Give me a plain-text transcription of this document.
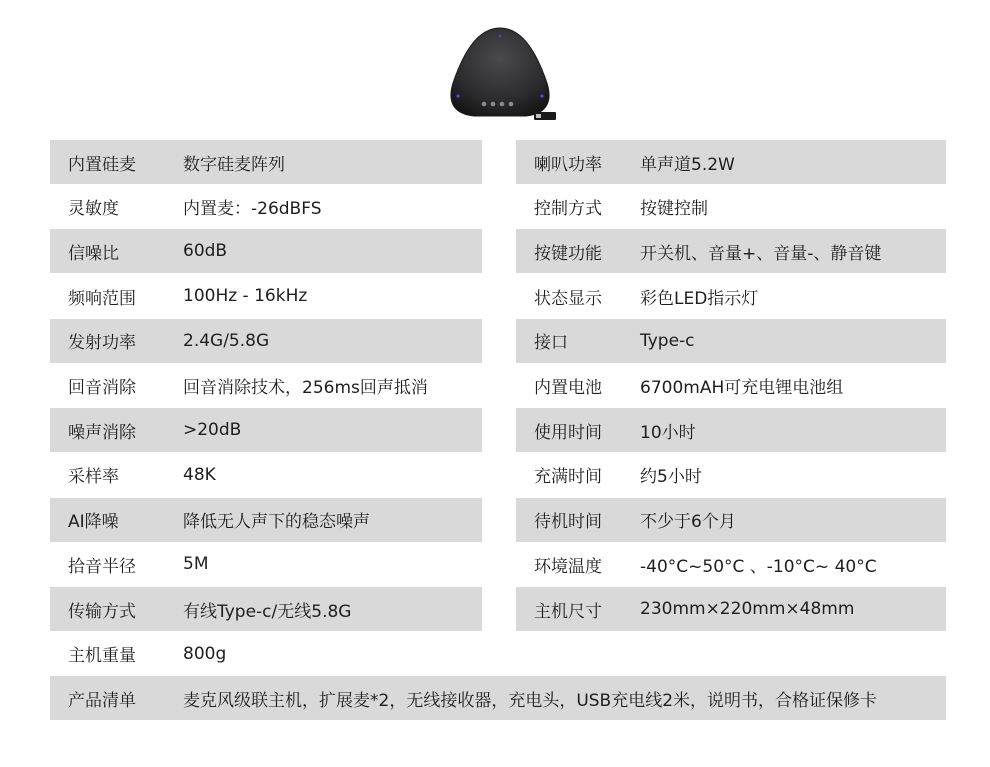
内置硅麦	数字硅麦阵列
灵敏度	内置麦：-26dBFS
信噪比	60dB
频响范围	100Hz - 16kHz
发射功率	2.4G/5.8G
回音消除	回音消除技术，256ms回声抵消
噪声消除	>20dB
采样率	48K
AI降噪	降低无人声下的稳态噪声
拾音半径	5M
传输方式	有线Type-c/无线5.8G
主机重量	800g
喇叭功率 单声道5.2W
控制方式 按键控制
按键功能 开关机、音量+、音量-、静音键
状态显示 彩色LED指示灯
接口	Type-c
内置电池 6700mAH可充电锂电池组
使用时间 10小时
充满时间 约5小时
待机时间 不少于6个月
环境温度 -40°C~50°C 、-10°C~ 40°C
主机尺寸 230mm×220mm×48mm
产品清单	麦克风级联主机，扩展麦*2，无线接收器，充电头，USB充电线2米，说明书，合格证保修卡
